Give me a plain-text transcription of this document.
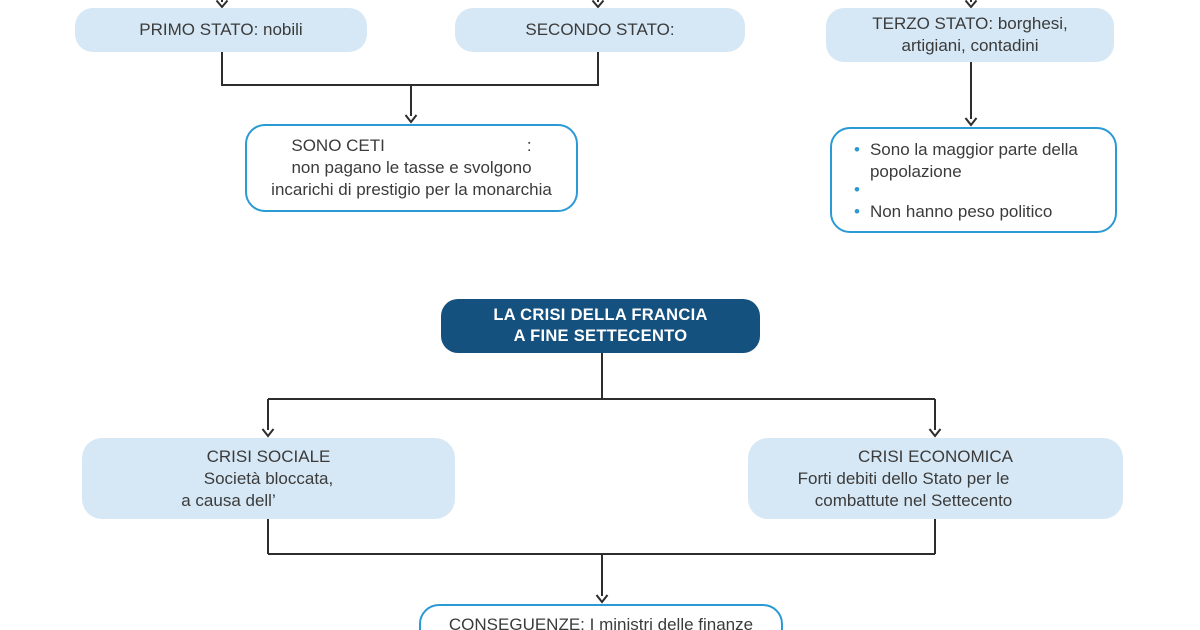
PRIMO STATO: nobili	SECONDO STATO:	TERZO STATO: borghesi,
artigiani, contadini
SONO CETI	:
non pagano le tasse e svolgono
incarichi di prestigio per la monarchia
• Sono la maggior parte della popolazione
•
• Non hanno peso politico
LA CRISI DELLA FRANCIA
A FINE SETTECENTO
CRISI SOCIALE
Società bloccata,
a causa dell’
CRISI ECONOMICA
Forti debiti dello Stato per le
combattute nel Settecento
CONSEGUENZE: I ministri delle finanze
